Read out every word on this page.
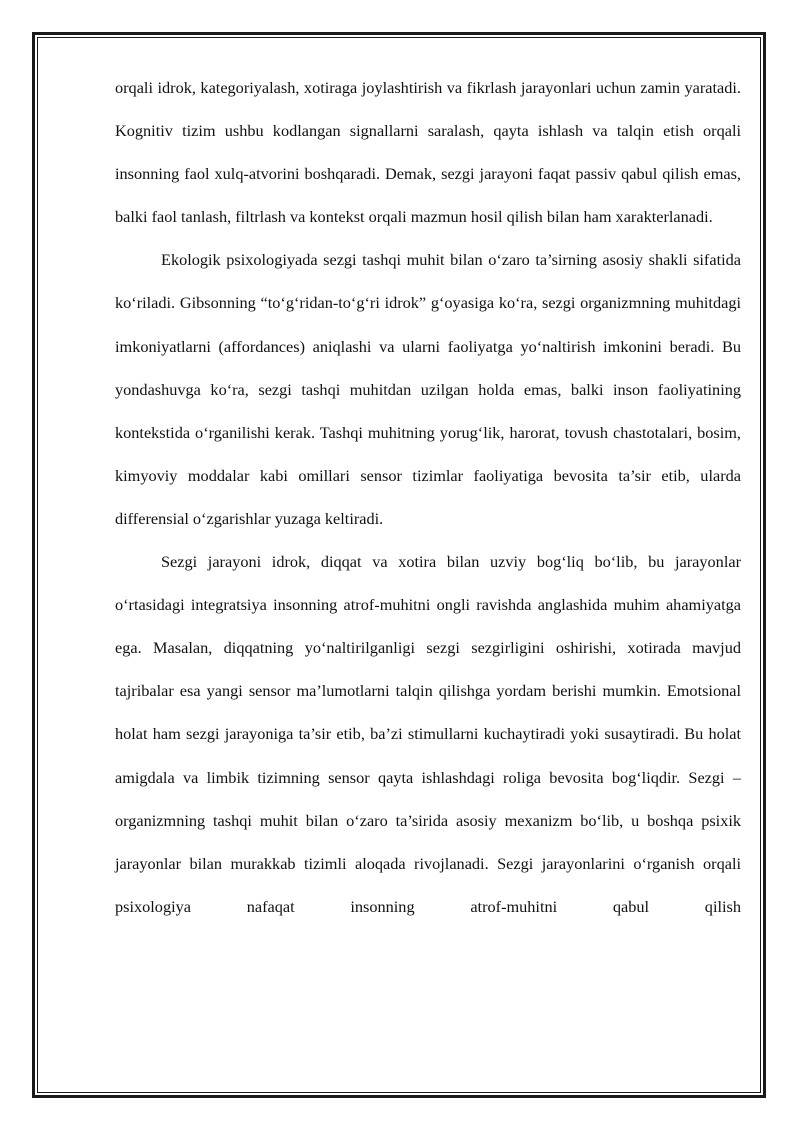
orqali idrok, kategoriyalash, xotiraga joylashtirish va fikrlash jarayonlari uchun zamin yaratadi. Kognitiv tizim ushbu kodlangan signallarni saralash, qayta ishlash va talqin etish orqali insonning faol xulq-atvorini boshqaradi. Demak, sezgi jarayoni faqat passiv qabul qilish emas, balki faol tanlash, filtrlash va kontekst orqali mazmun hosil qilish bilan ham xarakterlanadi.

Ekologik psixologiyada sezgi tashqi muhit bilan o‘zaro ta’sirning asosiy shakli sifatida ko‘riladi. Gibsonning “to‘g‘ridan-to‘g‘ri idrok” g‘oyasiga ko‘ra, sezgi organizmning muhitdagi imkoniyatlarni (affordances) aniqlashi va ularni faoliyatga yo‘naltirish imkonini beradi. Bu yondashuvga ko‘ra, sezgi tashqi muhitdan uzilgan holda emas, balki inson faoliyatining kontekstida o‘rganilishi kerak. Tashqi muhitning yorug‘lik, harorat, tovush chastotalari, bosim, kimyoviy moddalar kabi omillari sensor tizimlar faoliyatiga bevosita ta’sir etib, ularda differensial o‘zgarishlar yuzaga keltiradi.

Sezgi jarayoni idrok, diqqat va xotira bilan uzviy bog‘liq bo‘lib, bu jarayonlar o‘rtasidagi integratsiya insonning atrof-muhitni ongli ravishda anglashida muhim ahamiyatga ega. Masalan, diqqatning yo‘naltirilganligi sezgi sezgirligini oshirishi, xotirada mavjud tajribalar esa yangi sensor ma’lumotlarni talqin qilishga yordam berishi mumkin. Emotsional holat ham sezgi jarayoniga ta’sir etib, ba’zi stimullarni kuchaytiradi yoki susaytiradi. Bu holat amigdala va limbik tizimning sensor qayta ishlashdagi roliga bevosita bog‘liqdir. Sezgi – organizmning tashqi muhit bilan o‘zaro ta’sirida asosiy mexanizm bo‘lib, u boshqa psixik jarayonlar bilan murakkab tizimli aloqada rivojlanadi. Sezgi jarayonlarini o‘rganish orqali psixologiya nafaqat insonning atrof-muhitni qabul qilish
